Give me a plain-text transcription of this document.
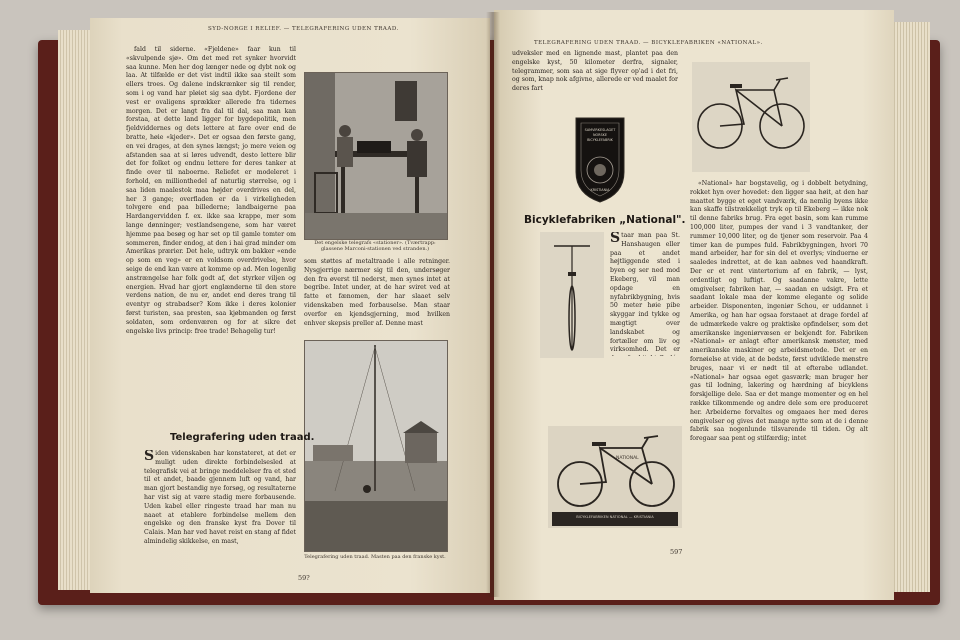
SYD-NORGE I RELIEF. — TELEGRAFERING UDEN TRAAD.

fald til siderne. «Fjeldene» faar kun til «skvulpende sjø». Om det med ret synker hvorvidt saa kunne. Men her dog længer nede og dybt nok og laa. At tilfælde er det vist indtil ikke saa steilt som ellers troes. Og dalene indskrænker sig til render, som i og vand har pløiet sig saa dybt. Fjordene der vest er ovaligens sprækker allerede fra tidernes morgen. Det er langt fra dal til dal, saa man kan forstaa, at dette land ligger for bygdepolitik, men fjeldviddernes og dets lettere at fare over end de bratte, høie «kjeder». Det er ogsaa den første gang, en vei drages, at den synes længst; jo mere veien og afstanden saa at si løres udvendt, desto lettere blir det for folket og endnu lettere for deres tanker at finde over til naboerne. Reliefet er modeleret i forhold, en millionthedel af naturlig størrelse, og i saa liden maalestok maa højder overdrives en del, her 3 gange; overfladen er da i virkeligheden tolvgere end paa billederne; landbaigerne paa Hardangervidden f. ex. ikke saa krappe, mer som lange dønninger; vestlandsengene, som har været hjemme paa besøg og har set op til gamle tomter om sommeren, finder endog, at den i hai grad minder om Amerikas prærier. Det hele, udtryk om bakker «ende op som en veg» er en voldsom overdrivelse, hvor seige de end kan være at komme op ad. Men logenlig anstrængelse har folk godt af, det styrker viljen og energien. Hvad har gjort englænderne til den store verdens nation, de nu er, andet end deres trang til eventyr og strabadser? Kom ikke i deres kolonier først turisten, saa presten, saa kjøbmanden og først soldaten, som ordenværen og for at sikre det engelske livs princip: free trade! Behagelig tur!

Det engelske telegrafs «stationer». (Tværtrapp: glassene Marconi-stationen ved stranden.)

som støttes af metaltraade i alle retninger. Nysgjerrige nærmer sig til den, undersøger den fra øverst til nederst, men synes intet at begribe. Intet under, at de har sviret ved at fatte et fænomen, der har slaaet selv videnskaben med forbauselse. Man staar overfor en kjendsgjerning, mod hvilken enhver skepsis preller af. Denne mast

Telegrafering uden traad. Masten paa den franske kyst.
Telegrafering uden traad.
Siden videnskaben har konstateret, at det er muligt uden direkte forbindelsesled at telegrafisk vei at bringe meddelelser fra et sted til et andet, baade gjennem luft og vand, har man gjort bestandig nye forsøg, og resultaterne har vist sig at være stadig mere forbausende. Uden kabel eller ringeste traad har man nu naaet at etablere forbindelse mellem den engelske og den franske kyst fra Dover til Calais. Man har ved havet reist en stang af fidet almindelig skikkelse, en mast,
59?
TELEGRAFERING UDEN TRAAD. — BICYKLEFABRIKEN «NATIONAL».

udveksler med en lignende mast, plantet paa den engelske kyst, 50 kilometer derfra, signaler, telegrammer, som saa at sige flyver op'ad i det fri, og som, knap nok afgivne, allerede er ved maalet for deres fart

SAMVIRKESLAGET
NORSKE
BICYKLEFABRIK
KRISTIANIA
Bicyklefabriken „National".
Staar man paa St. Hanshaugen eller paa et andet højtliggende sted i byen og ser ned mod Ekeberg, vil man opdage en nyfabrikbygning, hvis 50 meter høie pibe skyggar ind tykke og mægtigt over landskabet og fortæller om liv og virksomhed. Det er

«National» har bogstavelig, og i dobbelt betydning, rokket hyn over hovedet: den ligger saa høit, at den har maattet bygge et eget vandværk, da nemlig byens ikke kan skaffe tilstrækkeligt tryk op til Ekeberg — ikke nok til denne fabriks brug. Fra eget basin, som kan rumme 100,000 liter, pumpes der vand i 3 vandtanker, der rummer 10,000 liter, og de tjener som reservoir. Paa 4 timer kan de pumpes fuld. Fabrikbygningen, hvori 70 mand arbeider, har for sin del et overlys; vinduerne er saaledes indrettet, at de kan aabnes ved haandkraft. Der er et rent vintertorium af en fabrik, — lyst, ordentligt og luftigt. Og saadanne vakre, lette omgivelser, fabriken har, — saadan en udsigt. Fra et saadant lokale maa der komme elegante og solide arbeider. Disponenten, ingeniør Schou, er uddannet i Amerika, og han har ogsaa forstaaet at drage fordel af de udmærkede vakre og praktiske opfindelser, som det amerikanske ingeniørvæsen er bekjendt for. Fabriken «National» er anlagt efter amerikansk mønster, med amerikanske maskiner og arbeidsmetode. Det er en fornøielse at vide, at de bedste, først udviklede mønstre bruges, naar vi er nødt til at efterabe udlandet. «National» har ogsaa eget gasværk; man bruger her gas til lodning, lakering og hærdning af bicyklens forskjellige dele. Saa er det mange momenter og en hel række tilkommende og andre dele som ere produceret her. Arbeiderne forvaltes og omgaaes her med deres omgivelser og gives det mange nytte som at de i denne fabrik saa nogenlunde tilsvarende til tiden. Og alt foregaar saa pent og stilfærdig; intet

NATIONAL
BICYKLEFABRIKEN NATIONAL — KRISTIANIA
597
